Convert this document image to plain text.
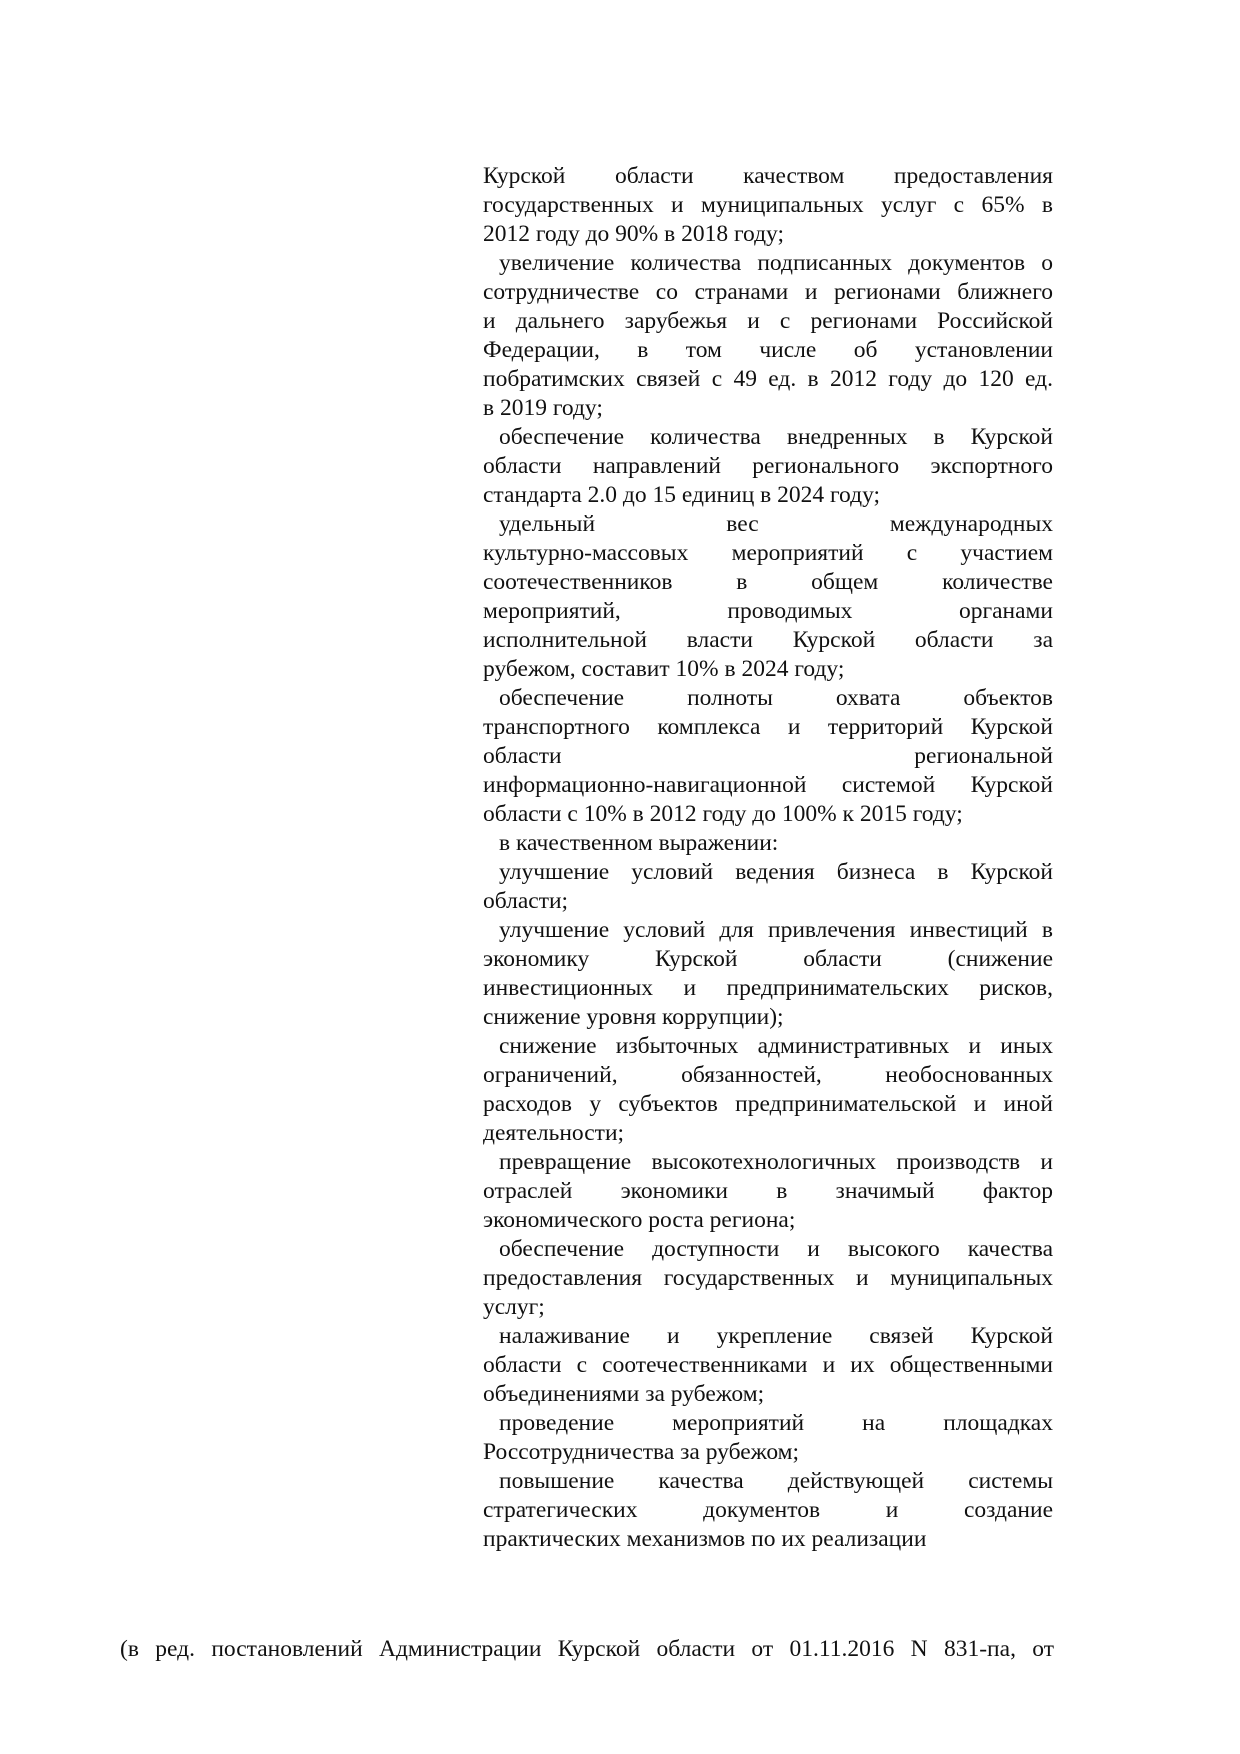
Курской области качеством предоставления
государственных и муниципальных услуг с 65% в
2012 году до 90% в 2018 году;
увеличение количества подписанных документов о
сотрудничестве со странами и регионами ближнего
и дальнего зарубежья и с регионами Российской
Федерации, в том числе об установлении
побратимских связей с 49 ед. в 2012 году до 120 ед.
в 2019 году;
обеспечение количества внедренных в Курской
области направлений регионального экспортного
стандарта 2.0 до 15 единиц в 2024 году;
удельный вес международных
культурно-массовых мероприятий с участием
соотечественников в общем количестве
мероприятий, проводимых органами
исполнительной власти Курской области за
рубежом, составит 10% в 2024 году;
обеспечение полноты охвата объектов
транспортного комплекса и территорий Курской
области региональной
информационно-навигационной системой Курской
области с 10% в 2012 году до 100% к 2015 году;
в качественном выражении:
улучшение условий ведения бизнеса в Курской
области;
улучшение условий для привлечения инвестиций в
экономику Курской области (снижение
инвестиционных и предпринимательских рисков,
снижение уровня коррупции);
снижение избыточных административных и иных
ограничений, обязанностей, необоснованных
расходов у субъектов предпринимательской и иной
деятельности;
превращение высокотехнологичных производств и
отраслей экономики в значимый фактор
экономического роста региона;
обеспечение доступности и высокого качества
предоставления государственных и муниципальных
услуг;
налаживание и укрепление связей Курской
области с соотечественниками и их общественными
объединениями за рубежом;
проведение мероприятий на площадках
Россотрудничества за рубежом;
повышение качества действующей системы
стратегических документов и создание
практических механизмов по их реализации
(в ред. постановлений Администрации Курской области от 01.11.2016 N 831-па, от
